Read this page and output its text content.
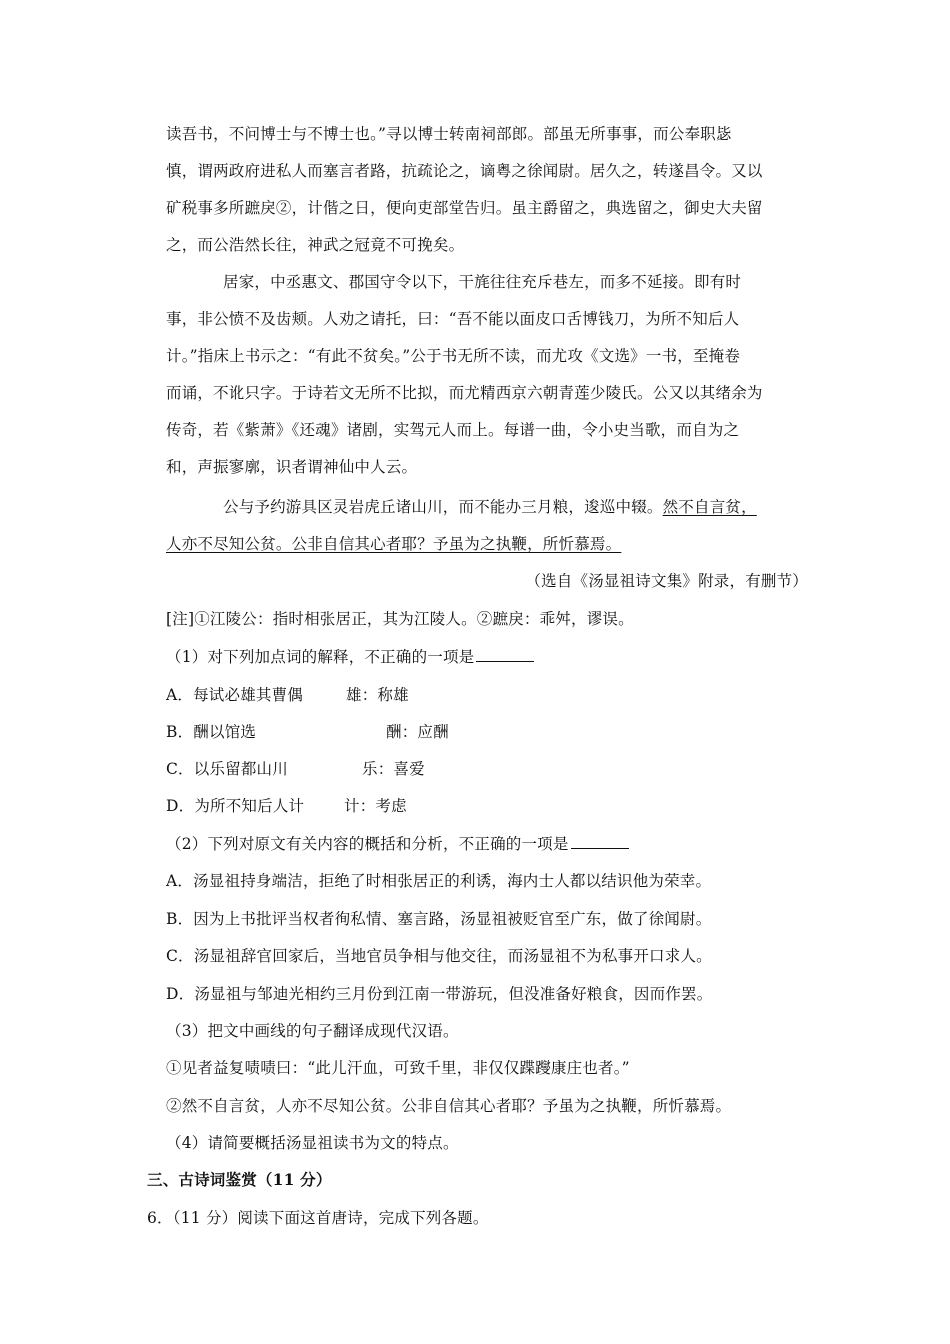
读吾书，不问博士与不博士也。”寻以博士转南祠部郎。部虽无所事事，而公奉职毖
慎，谓两政府进私人而塞言者路，抗疏论之，谪粤之徐闻尉。居久之，转遂昌令。又以
矿税事多所蹠戾②，计偕之日，便向吏部堂告归。虽主爵留之，典选留之，御史大夫留
之，而公浩然长往，神武之冠竟不可挽矣。
居家，中丞惠文、郡国守令以下，干旄往往充斥巷左，而多不延接。即有时
事，非公愤不及齿颊。人劝之请托，曰：“吾不能以面皮口舌博钱刀，为所不知后人
计。”指床上书示之：“有此不贫矣。”公于书无所不读，而尤攻《文选》一书，至掩卷
而诵，不讹只字。于诗若文无所不比拟，而尤精西京六朝青莲少陵氏。公又以其绪余为
传奇，若《紫萧》《还魂》诸剧，实驾元人而上。每谱一曲，令小史当歌，而自为之
和，声振寥廓，识者谓神仙中人云。
公与予约游具区灵岩虎丘诸山川，而不能办三月粮，逡巡中辍。然不自言贫，
人亦不尽知公贫。公非自信其心者耶？予虽为之执鞭，所忻慕焉。
（选自《汤显祖诗文集》附录，有删节）
[注]①江陵公：指时相张居正，其为江陵人。②蹠戾：乖舛，谬误。
（1）对下列加点词的解释，不正确的一项是
A．每试必雄其曹偶	雄：称雄
B．酬以馆选	酬：应酬
C．以乐留都山川	乐：喜爱
D．为所不知后人计	计：考虑
（2）下列对原文有关内容的概括和分析，不正确的一项是
A．汤显祖持身端洁，拒绝了时相张居正的利诱，海内士人都以结识他为荣幸。
B．因为上书批评当权者徇私情、塞言路，汤显祖被贬官至广东，做了徐闻尉。
C．汤显祖辞官回家后，当地官员争相与他交往，而汤显祖不为私事开口求人。
D．汤显祖与邹迪光相约三月份到江南一带游玩，但没准备好粮食，因而作罢。
（3）把文中画线的句子翻译成现代汉语。
①见者益复啧啧曰：“此儿汗血，可致千里，非仅仅蹀躞康庄也者。”
②然不自言贫，人亦不尽知公贫。公非自信其心者耶？予虽为之执鞭，所忻慕焉。
（4）请简要概括汤显祖读书为文的特点。
三、古诗词鉴赏（11 分）
6．（11 分）阅读下面这首唐诗，完成下列各题。
